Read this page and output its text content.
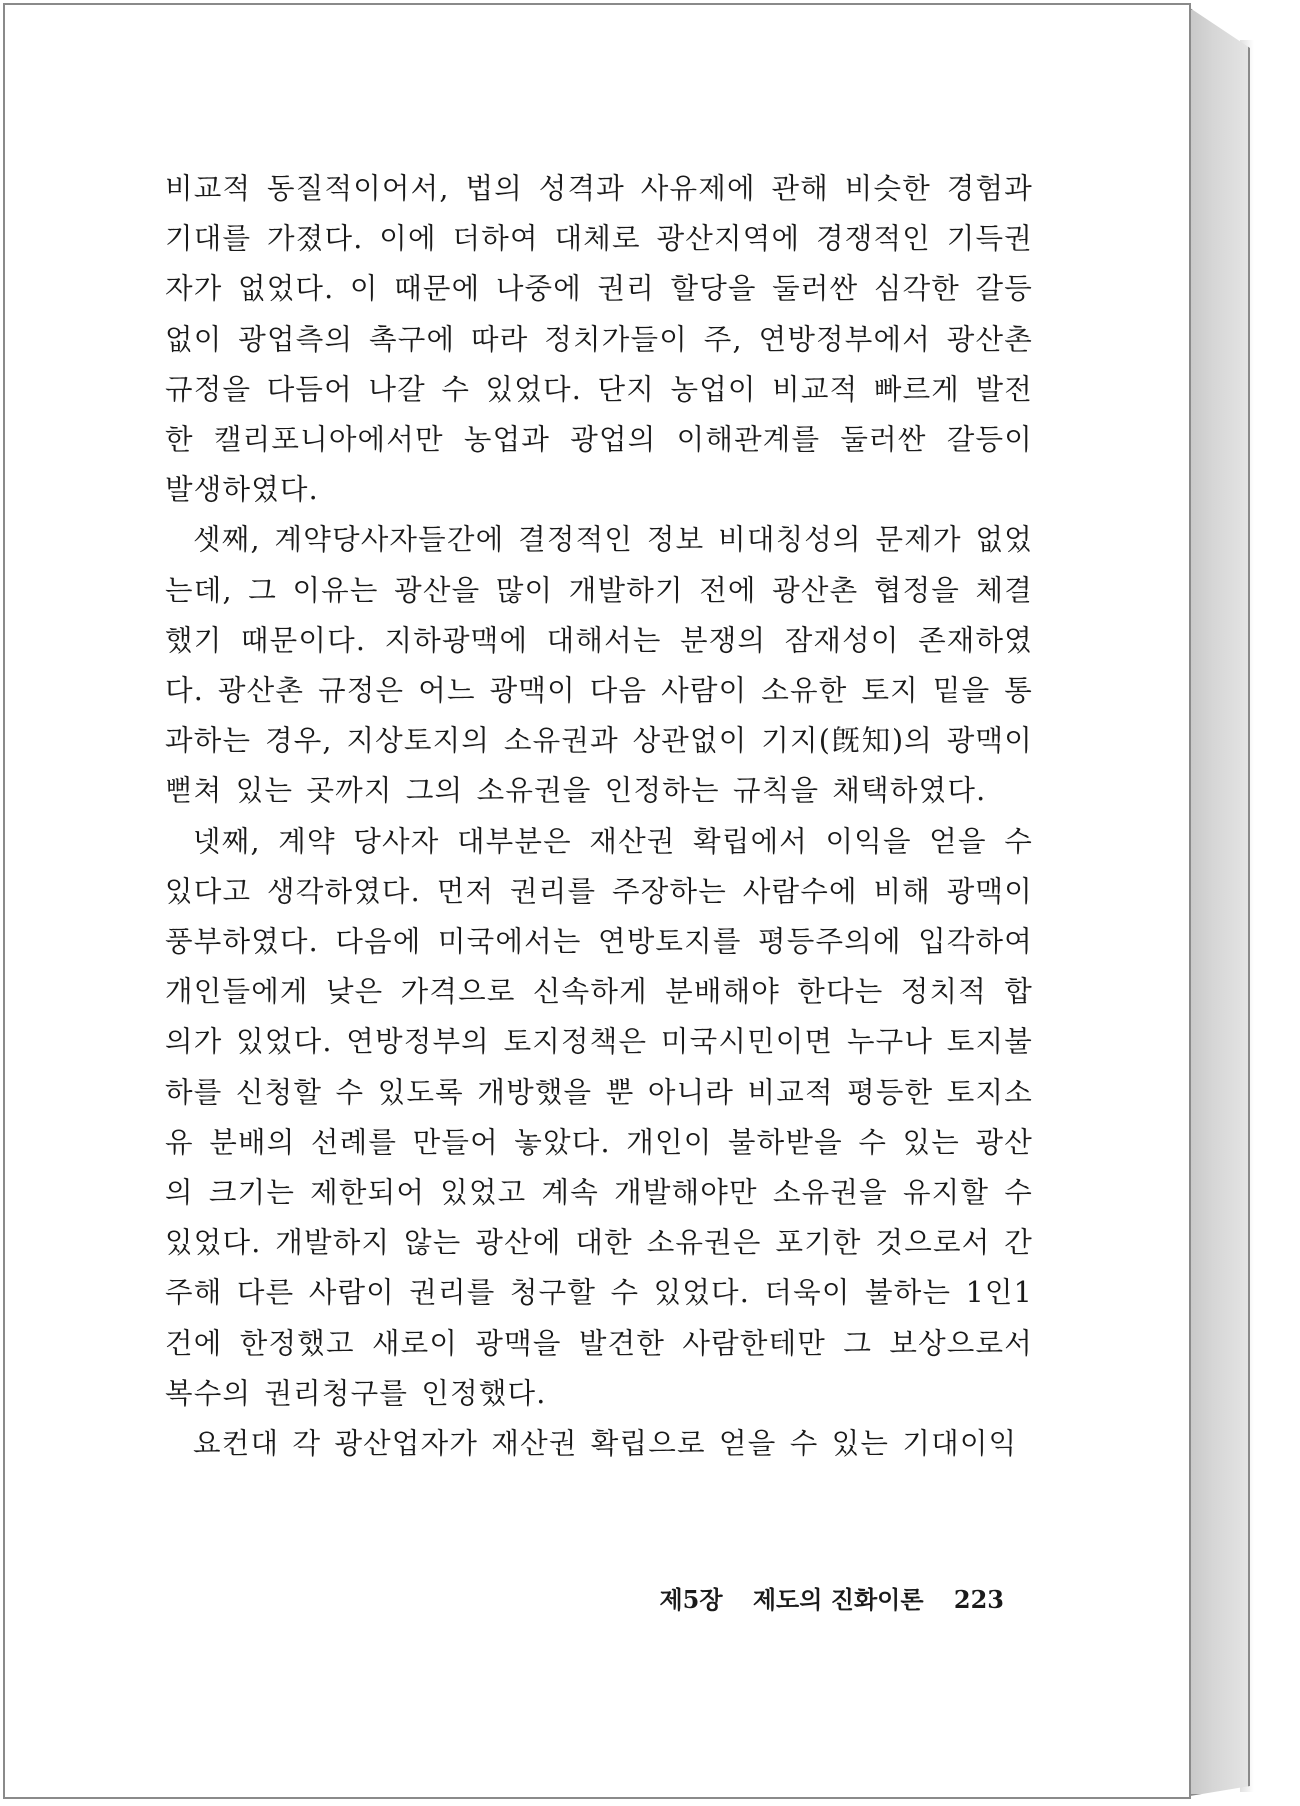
비교적 동질적이어서, 법의 성격과 사유제에 관해 비슷한 경험과 기대를 가졌다. 이에 더하여 대체로 광산지역에 경쟁적인 기득권자가 없었다. 이 때문에 나중에 권리 할당을 둘러싼 심각한 갈등 없이 광업측의 촉구에 따라 정치가들이 주, 연방정부에서 광산촌 규정을 다듬어 나갈 수 있었다. 단지 농업이 비교적 빠르게 발전한 캘리포니아에서만 농업과 광업의 이해관계를 둘러싼 갈등이 발생하였다.

셋째, 계약당사자들간에 결정적인 정보 비대칭성의 문제가 없었는데, 그 이유는 광산을 많이 개발하기 전에 광산촌 협정을 체결했기 때문이다. 지하광맥에 대해서는 분쟁의 잠재성이 존재하였다. 광산촌 규정은 어느 광맥이 다음 사람이 소유한 토지 밑을 통과하는 경우, 지상토지의 소유권과 상관없이 기지(旣知)의 광맥이 뻗쳐 있는 곳까지 그의 소유권을 인정하는 규칙을 채택하였다.

넷째, 계약 당사자 대부분은 재산권 확립에서 이익을 얻을 수 있다고 생각하였다. 먼저 권리를 주장하는 사람수에 비해 광맥이 풍부하였다. 다음에 미국에서는 연방토지를 평등주의에 입각하여 개인들에게 낮은 가격으로 신속하게 분배해야 한다는 정치적 합의가 있었다. 연방정부의 토지정책은 미국시민이면 누구나 토지불하를 신청할 수 있도록 개방했을 뿐 아니라 비교적 평등한 토지소유 분배의 선례를 만들어 놓았다. 개인이 불하받을 수 있는 광산의 크기는 제한되어 있었고 계속 개발해야만 소유권을 유지할 수 있었다. 개발하지 않는 광산에 대한 소유권은 포기한 것으로서 간주해 다른 사람이 권리를 청구할 수 있었다. 더욱이 불하는 1인1건에 한정했고 새로이 광맥을 발견한 사람한테만 그 보상으로서 복수의 권리청구를 인정했다.

요컨대 각 광산업자가 재산권 확립으로 얻을 수 있는 기대이익

제5장 제도의 진화이론 223
